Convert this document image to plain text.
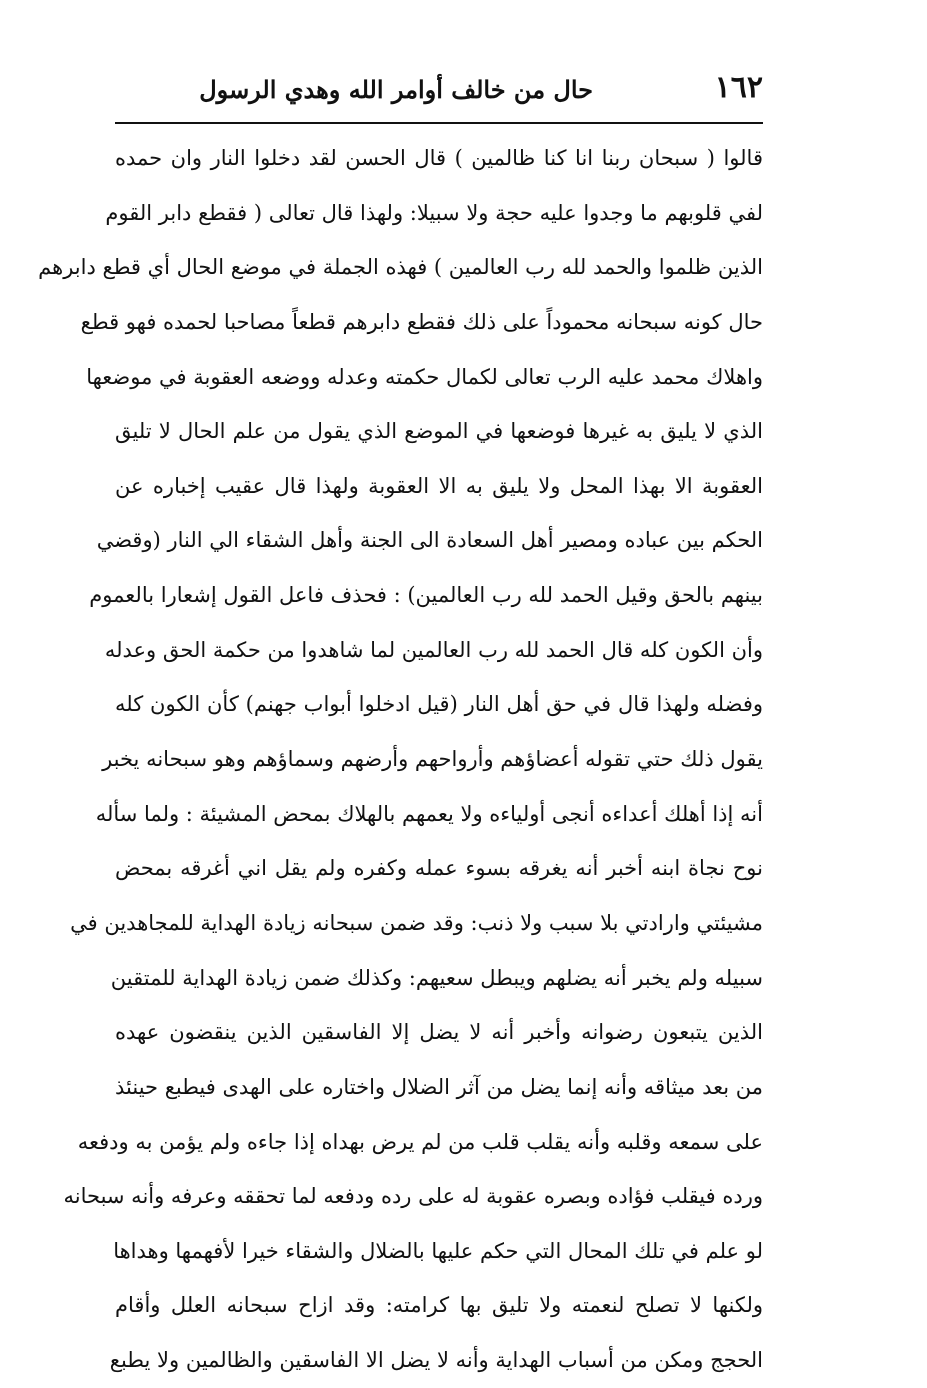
١٦٢
حال من خالف أوامر الله وهدي الرسول
قالوا ( سبحان ربنا انا كنا ظالمين ) قال الحسن لقد دخلوا النار وان حمده
لفي قلوبهم ما وجدوا عليه حجة ولا سبيلا: ولهذا قال تعالى ( فقطع دابر القوم
الذين ظلموا والحمد لله رب العالمين ) فهذه الجملة في موضع الحال أي قطع دابرهم
حال كونه سبحانه محموداً على ذلك فقطع دابرهم قطعاً مصاحبا لحمده فهو قطع
واهلاك محمد عليه الرب تعالى لكمال حكمته وعدله ووضعه العقوبة في موضعها
الذي لا يليق به غيرها فوضعها في الموضع الذي يقول من علم الحال لا تليق
العقوبة الا بهذا المحل ولا يليق به الا العقوبة ولهذا قال عقيب إخباره عن
الحكم بين عباده ومصير أهل السعادة الى الجنة وأهل الشقاء الي النار (وقضي
بينهم بالحق وقيل الحمد لله رب العالمين) : فحذف فاعل القول إشعارا بالعموم
وأن الكون كله قال الحمد لله رب العالمين لما شاهدوا من حكمة الحق وعدله
وفضله ولهذا قال في حق أهل النار (قيل ادخلوا أبواب جهنم) كأن الكون كله
يقول ذلك حتي تقوله أعضاؤهم وأرواحهم وأرضهم وسماؤهم وهو سبحانه يخبر
أنه إذا أهلك أعداءه أنجى أولياءه ولا يعمهم بالهلاك بمحض المشيئة : ولما سأله
نوح نجاة ابنه أخبر أنه يغرقه بسوء عمله وكفره ولم يقل اني أغرقه بمحض
مشيئتي وارادتي بلا سبب ولا ذنب: وقد ضمن سبحانه زيادة الهداية للمجاهدين في
سبيله ولم يخبر أنه يضلهم ويبطل سعيهم: وكذلك ضمن زيادة الهداية للمتقين
الذين يتبعون رضوانه وأخبر أنه لا يضل إلا الفاسقين الذين ينقضون عهده
من بعد ميثاقه وأنه إنما يضل من آثر الضلال واختاره على الهدى فيطبع حينئذ
على سمعه وقلبه وأنه يقلب قلب من لم يرض بهداه إذا جاءه ولم يؤمن به ودفعه
ورده فيقلب فؤاده وبصره عقوبة له على رده ودفعه لما تحققه وعرفه وأنه سبحانه
لو علم في تلك المحال التي حكم عليها بالضلال والشقاء خيرا لأفهمها وهداها
ولكنها لا تصلح لنعمته ولا تليق بها كرامته: وقد ازاح سبحانه العلل وأقام
الحجج ومكن من أسباب الهداية وأنه لا يضل الا الفاسقين والظالمين ولا يطبع
